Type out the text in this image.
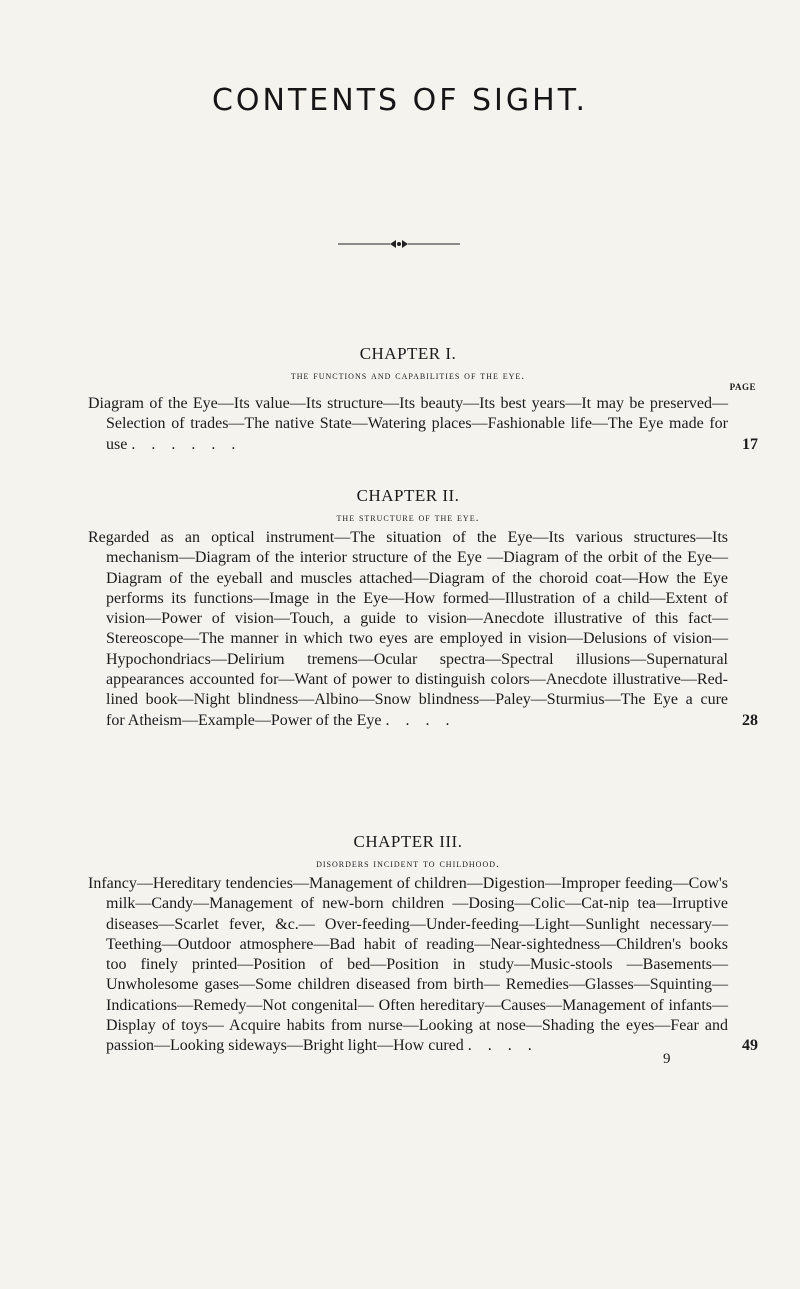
CONTENTS OF SIGHT.

CHAPTER I.

the functions and capabilities of the eye.

PAGE

Diagram of the Eye—Its value—Its structure—Its beauty—Its best years—It may be preserved—Selection of trades—The native State—Watering places—Fashionable life—The Eye made for use . . . . . .	17

CHAPTER II.

the structure of the eye.

Regarded as an optical instrument—The situation of the Eye—Its various structures—Its mechanism—Diagram of the interior structure of the Eye —Diagram of the orbit of the Eye—Diagram of the eyeball and muscles attached—Diagram of the choroid coat—How the Eye performs its functions—Image in the Eye—How formed—Illustration of a child—Extent of vision—Power of vision—Touch, a guide to vision—Anecdote illustrative of this fact—Stereoscope—The manner in which two eyes are employed in vision—Delusions of vision—Hypochondriacs—Delirium tremens—Ocular spectra—Spectral illusions—Supernatural appearances accounted for—Want of power to distinguish colors—Anecdote illustrative—Red-lined book—Night blindness—Albino—Snow blindness—Paley—Sturmius—The Eye a cure for Atheism—Example—Power of the Eye . . . .	28

CHAPTER III.

disorders incident to childhood.

Infancy—Hereditary tendencies—Management of children—Digestion—Improper feeding—Cow's milk—Candy—Management of new-born children —Dosing—Colic—Cat-nip tea—Irruptive diseases—Scarlet fever, &c.— Over-feeding—Under-feeding—Light—Sunlight necessary—Teething—Outdoor atmosphere—Bad habit of reading—Near-sightedness—Children's books too finely printed—Position of bed—Position in study—Music-stools —Basements—Unwholesome gases—Some children diseased from birth— Remedies—Glasses—Squinting—Indications—Remedy—Not congenital— Often hereditary—Causes—Management of infants—Display of toys— Acquire habits from nurse—Looking at nose—Shading the eyes—Fear and passion—Looking sideways—Bright light—How cured . . . .	49

9
